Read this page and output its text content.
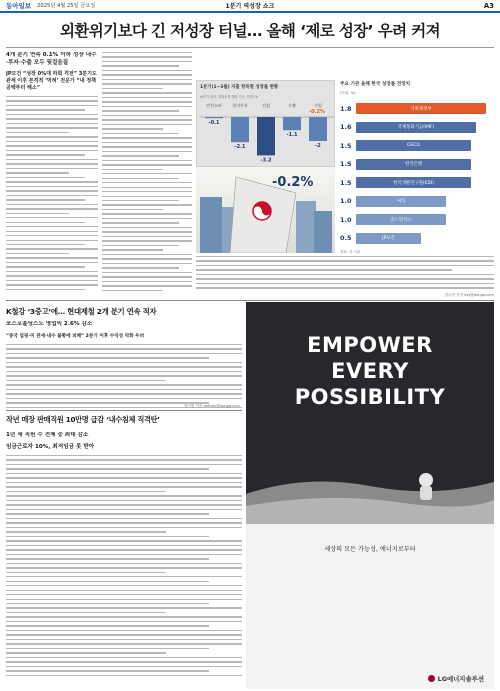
동아일보 2025년 4월 25일 금요일	1분기 역성장 쇼크	A3
외환위기보다 긴 저성장 터널… 올해 ‘제로 성장’ 우려 커져
4개 분기 연속 0.1% 이하 성장 내수·투자·수출 모두 뒷걸음질
JP모건 “성장 0%대 하회 직전” 3분기도 관세 이후 본격적 ‘먹혀’ 전문가 “내 정책 공백부터 해소”	1분기(1~3월) 지출 항목별 성장률 현황
※전기 대비, 계절조정 계열 기준, 단위: %
민간소비
-0.1
설비투자
-2.1
건설
-3.2
수출
-1.1
수입
-2
-0.2%
-0.2%
주요 기관 올해 한국 성장률 전망치
(단위: %)
1.8	기획재정부
1.6	국제통화기금(IMF)
1.5	OECD
1.5	한국은행
1.5	한국개발연구원(KDI)
1.0	씨티
1.0	골드만삭스
0.5	JP모건
자료: 각 기관
김수연 기자 ksy@donga.com
K철강 ‘3중고’에… 현대제철 2개 분기 연속 적자
포스코홀딩스도 영업익 2.6% 감소
“중국 덤핑·미 관세·내수 불황에 피해” 2분기 이후 수익성 악화 우려
정서영 기자 redrain@donga.com
작년 매장 판매직원 10만명 급감 ‘내수침체 직격탄’
1년 새 직원 수 전체 중 최대 감소
임금근로자 10%, 최저임금 못 받아
EMPOWER
EVERY
POSSIBILITY
세상의 모든 가능성, 에너지로부터
LG에너지솔루션
